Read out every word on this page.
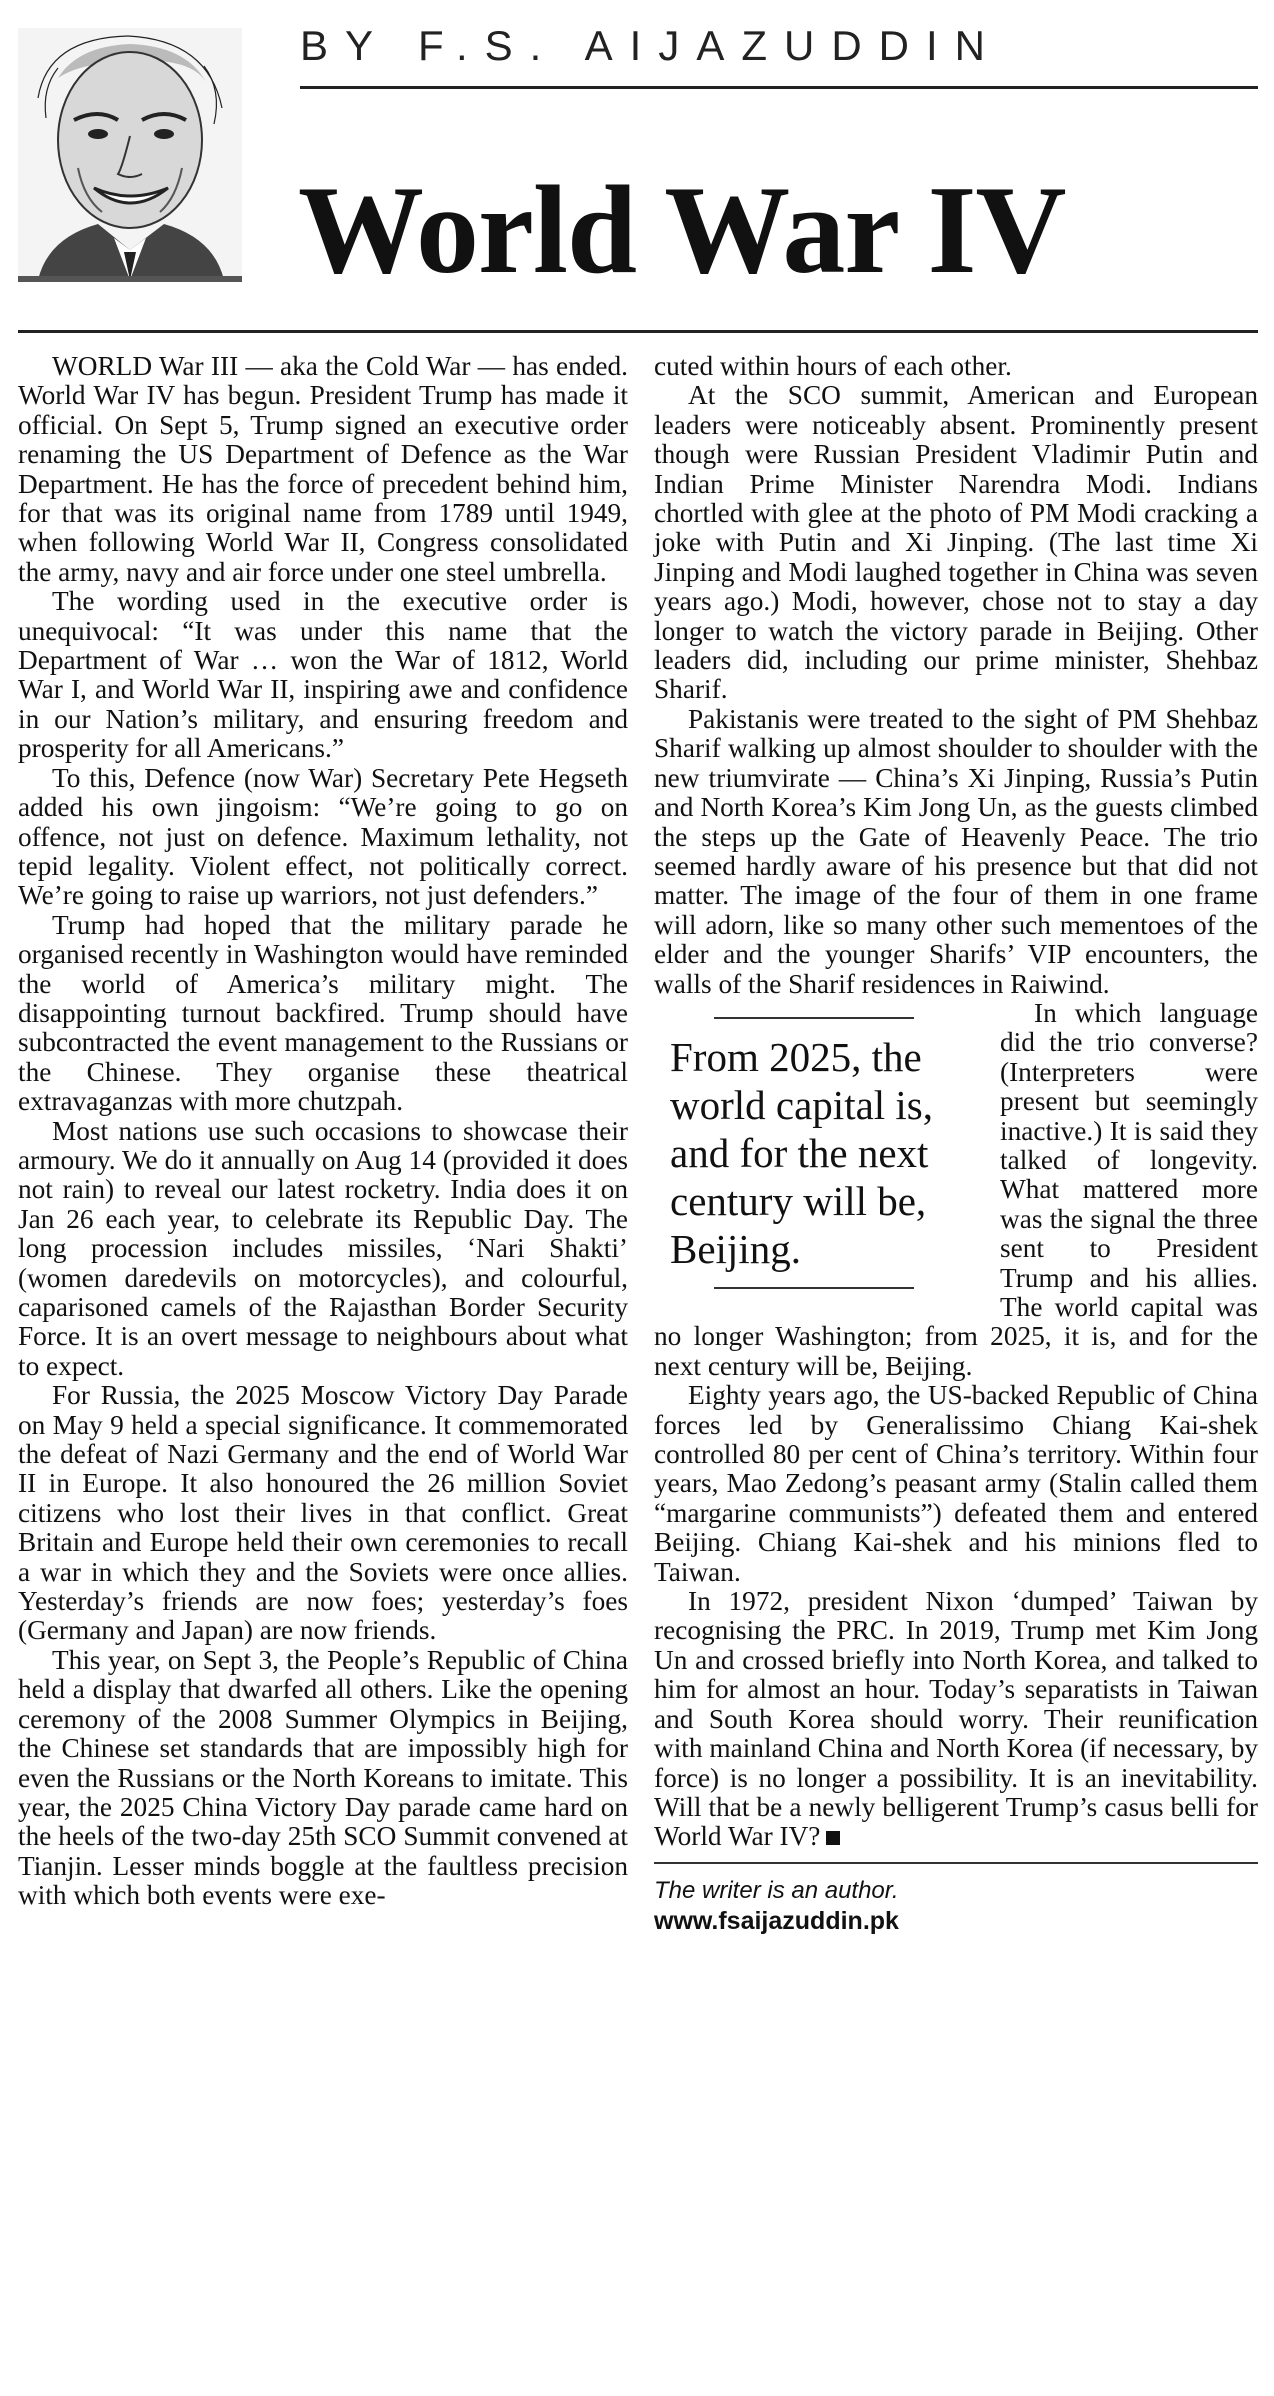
BY F.S. AIJAZUDDIN
World War IV

WORLD War III — aka the Cold War — has ended. World War IV has begun. President Trump has made it official. On Sept 5, Trump signed an executive order renaming the US Department of Defence as the War Department. He has the force of precedent behind him, for that was its original name from 1789 until 1949, when following World War II, Congress consolidated the army, navy and air force under one steel umbrella.

The wording used in the executive order is unequivocal: “It was under this name that the Department of War … won the War of 1812, World War I, and World War II, inspiring awe and confidence in our Nation’s military, and ensuring freedom and prosperity for all Americans.”

To this, Defence (now War) Secretary Pete Hegseth added his own jingoism: “We’re going to go on offence, not just on defence. Maximum lethality, not tepid legality. Violent effect, not politically correct. We’re going to raise up warriors, not just defenders.”

Trump had hoped that the military parade he organised recently in Washington would have reminded the world of America’s military might. The disappointing turnout backfired. Trump should have subcontracted the event management to the Russians or the Chinese. They organise these theatrical extravaganzas with more chutzpah.

Most nations use such occasions to showcase their armoury. We do it annually on Aug 14 (provided it does not rain) to reveal our latest rocketry. India does it on Jan 26 each year, to celebrate its Republic Day. The long procession includes missiles, ‘Nari Shakti’ (women daredevils on motorcycles), and colourful, caparisoned camels of the Rajasthan Border Security Force. It is an overt message to neighbours about what to expect.

For Russia, the 2025 Moscow Victory Day Parade on May 9 held a special significance. It commemorated the defeat of Nazi Germany and the end of World War II in Europe. It also honoured the 26 million Soviet citizens who lost their lives in that conflict. Great Britain and Europe held their own ceremonies to recall a war in which they and the Soviets were once allies. Yesterday’s friends are now foes; yesterday’s foes (Germany and Japan) are now friends.

This year, on Sept 3, the People’s Republic of China held a display that dwarfed all others. Like the opening ceremony of the 2008 Summer Olympics in Beijing, the Chinese set standards that are impossibly high for even the Russians or the North Koreans to imitate. This year, the 2025 China Victory Day parade came hard on the heels of the two-day 25th SCO Summit convened at Tianjin. Lesser minds boggle at the faultless precision with which both events were exe-

cuted within hours of each other.

At the SCO summit, American and European leaders were noticeably absent. Prominently present though were Russian President Vladimir Putin and Indian Prime Minister Narendra Modi. Indians chortled with glee at the photo of PM Modi cracking a joke with Putin and Xi Jinping. (The last time Xi Jinping and Modi laughed together in China was seven years ago.) Modi, however, chose not to stay a day longer to watch the victory parade in Beijing. Other leaders did, including our prime minister, Shehbaz Sharif.

Pakistanis were treated to the sight of PM Shehbaz Sharif walking up almost shoulder to shoulder with the new triumvirate — China’s Xi Jinping, Russia’s Putin and North Korea’s Kim Jong Un, as the guests climbed the steps up the Gate of Heavenly Peace. The trio seemed hardly aware of his presence but that did not matter. The image of the four of them in one frame will adorn, like so many other such mementoes of the elder and the younger Sharifs’ VIP encounters, the walls of the Sharif residences in Raiwind.

From 2025, the world capital is, and for the next century will be, Beijing.

In which language did the trio converse? (Interpreters were present but seemingly inactive.) It is said they talked of longevity. What mattered more was the signal the three sent to President Trump and his allies. The world capital was no longer Washington; from 2025, it is, and for the next century will be, Beijing.

Eighty years ago, the US-backed Republic of China forces led by Generalissimo Chiang Kai-shek controlled 80 per cent of China’s territory. Within four years, Mao Zedong’s peasant army (Stalin called them “margarine communists”) defeated them and entered Beijing. Chiang Kai-shek and his minions fled to Taiwan.

In 1972, president Nixon ‘dumped’ Taiwan by recognising the PRC. In 2019, Trump met Kim Jong Un and crossed briefly into North Korea, and talked to him for almost an hour. Today’s separatists in Taiwan and South Korea should worry. Their reunification with mainland China and North Korea (if necessary, by force) is no longer a possibility. It is an inevitability. Will that be a newly belligerent Trump’s casus belli for World War IV?

The writer is an author.
www.fsaijazuddin.pk
